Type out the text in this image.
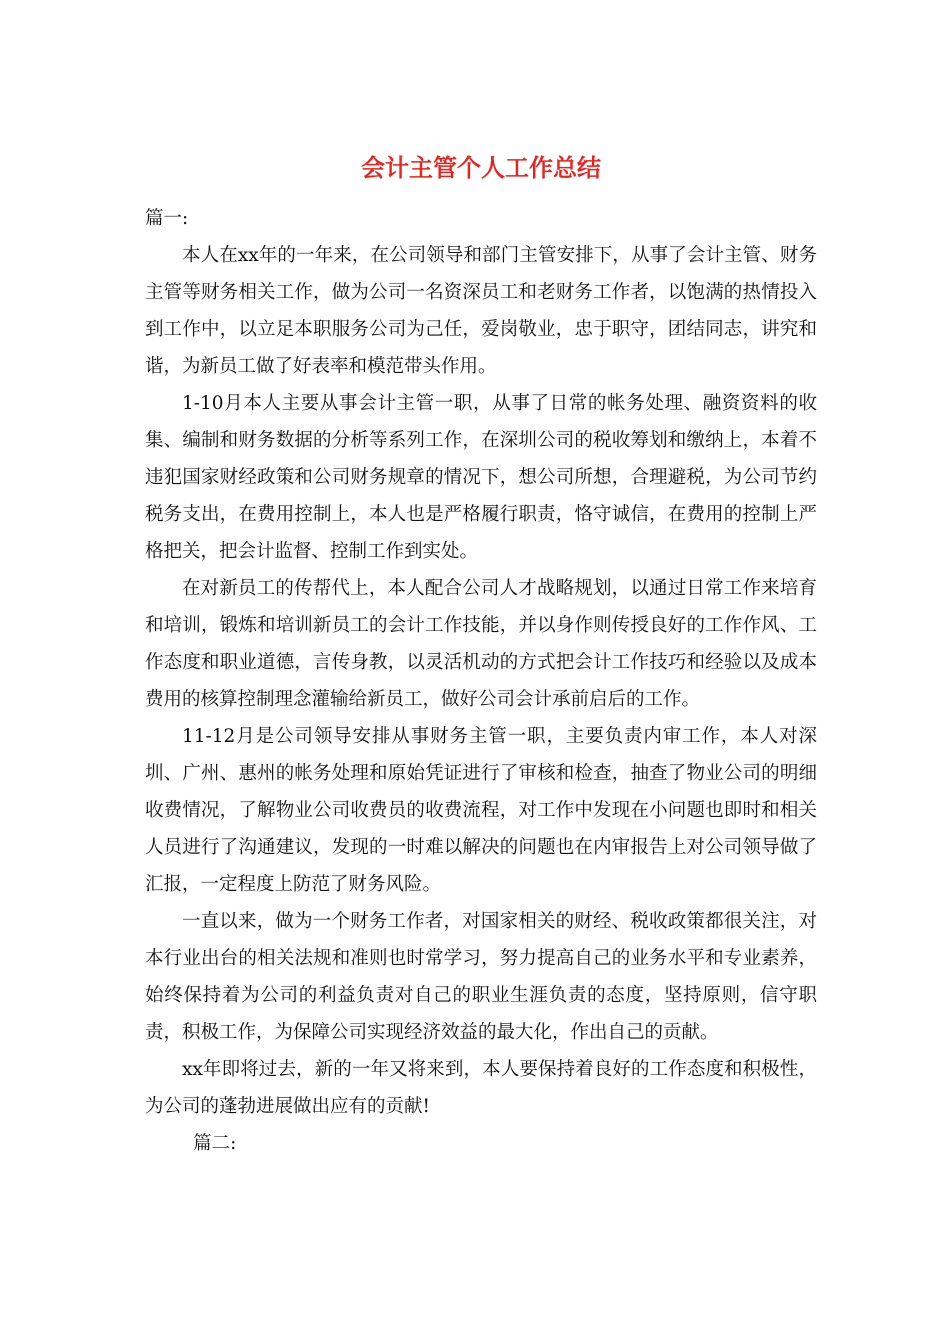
会计主管个人工作总结

篇一:

本人在xx年的一年来，在公司领导和部门主管安排下，从事了会计主管、财务主管等财务相关工作，做为公司一名资深员工和老财务工作者，以饱满的热情投入到工作中，以立足本职服务公司为己任，爱岗敬业，忠于职守，团结同志，讲究和谐，为新员工做了好表率和模范带头作用。

1-10月本人主要从事会计主管一职，从事了日常的帐务处理、融资资料的收集、编制和财务数据的分析等系列工作，在深圳公司的税收筹划和缴纳上，本着不违犯国家财经政策和公司财务规章的情况下，想公司所想，合理避税，为公司节约税务支出，在费用控制上，本人也是严格履行职责，恪守诚信，在费用的控制上严格把关，把会计监督、控制工作到实处。

在对新员工的传帮代上，本人配合公司人才战略规划，以通过日常工作来培育和培训，锻炼和培训新员工的会计工作技能，并以身作则传授良好的工作作风、工作态度和职业道德，言传身教，以灵活机动的方式把会计工作技巧和经验以及成本费用的核算控制理念灌输给新员工，做好公司会计承前启后的工作。

11-12月是公司领导安排从事财务主管一职，主要负责内审工作，本人对深圳、广州、惠州的帐务处理和原始凭证进行了审核和检查，抽查了物业公司的明细收费情况，了解物业公司收费员的收费流程，对工作中发现在小问题也即时和相关人员进行了沟通建议，发现的一时难以解决的问题也在内审报告上对公司领导做了汇报，一定程度上防范了财务风险。

一直以来，做为一个财务工作者，对国家相关的财经、税收政策都很关注，对本行业出台的相关法规和准则也时常学习，努力提高自己的业务水平和专业素养，始终保持着为公司的利益负责对自己的职业生涯负责的态度，坚持原则，信守职责，积极工作，为保障公司实现经济效益的最大化，作出自己的贡献。

xx年即将过去，新的一年又将来到，本人要保持着良好的工作态度和积极性，为公司的蓬勃进展做出应有的贡献!

篇二:
